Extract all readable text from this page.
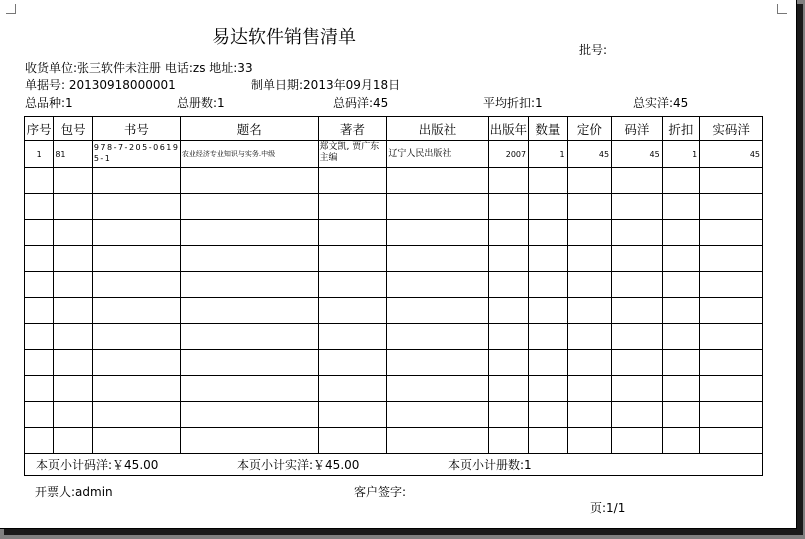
易达软件销售清单
批号:
收货单位:张三软件未注册 电话:zs 地址:33
单据号: 20130918000001	制单日期:2013年09月18日
总品种:1	总册数:1	总码洋:45	平均折扣:1	总实洋:45
序号	包号	书号	题名	著者	出版社	出版年	数量	定价	码洋	折扣	实码洋
1	81	978-7-205-06195-1	农业经济专业知识与实务.中级	郑文凯, 贾广东主编	辽宁人民出版社	2007	1	45	45	1	45

本页小计码洋:￥45.00	本页小计实洋:￥45.00	本页小计册数:1
开票人:admin	客户签字:
页:1/1
